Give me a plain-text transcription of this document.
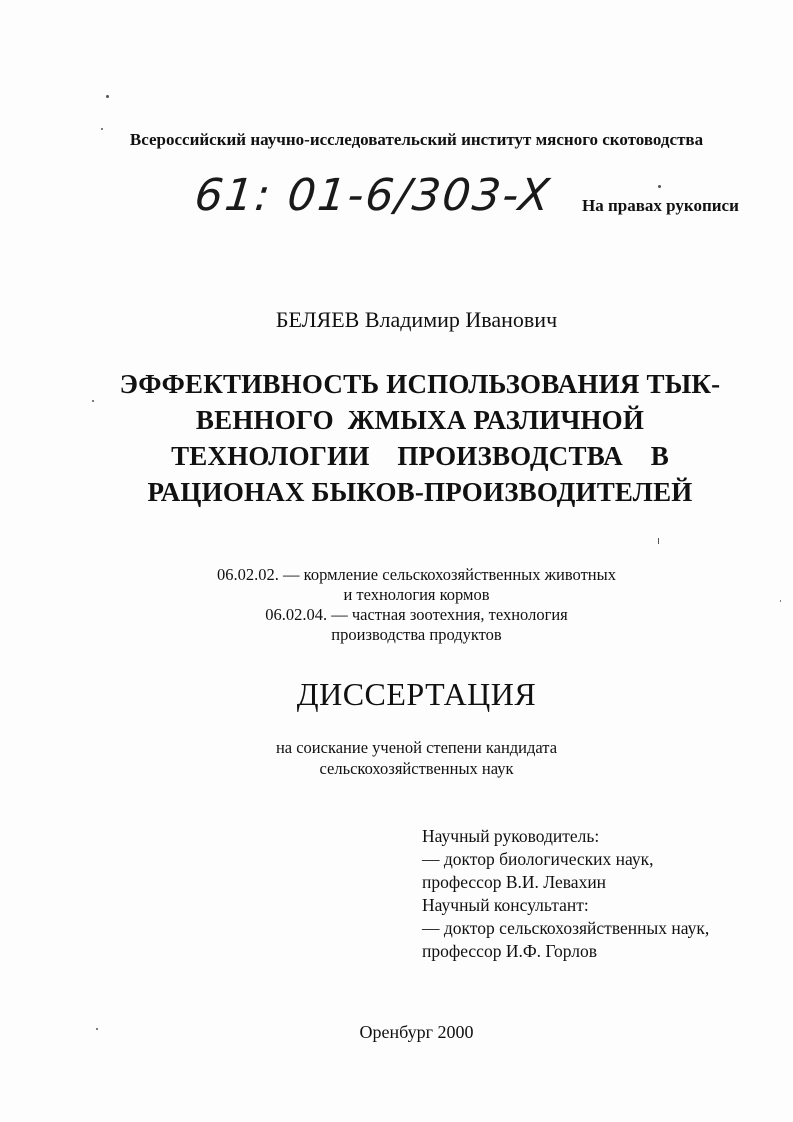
Всероссийский научно-исследовательский институт мясного скотоводства
61: 01-6/303-X На правах рукописи
БЕЛЯЕВ Владимир Иванович
ЭФФЕКТИВНОСТЬ ИСПОЛЬЗОВАНИЯ ТЫК-
ВЕННОГО  ЖМЫХА РАЗЛИЧНОЙ
ТЕХНОЛОГИИ    ПРОИЗВОДСТВА    В
РАЦИОНАХ БЫКОВ-ПРОИЗВОДИТЕЛЕЙ
06.02.02. — кормление сельскохозяйственных животных
и технология кормов
06.02.04. — частная зоотехния, технология
производства продуктов
ДИССЕРТАЦИЯ
на соискание ученой степени кандидата
сельскохозяйственных наук
Научный руководитель:
— доктор биологических наук,
профессор В.И. Левахин
Научный консультант:
— доктор сельскохозяйственных наук,
профессор И.Ф. Горлов
Оренбург 2000
